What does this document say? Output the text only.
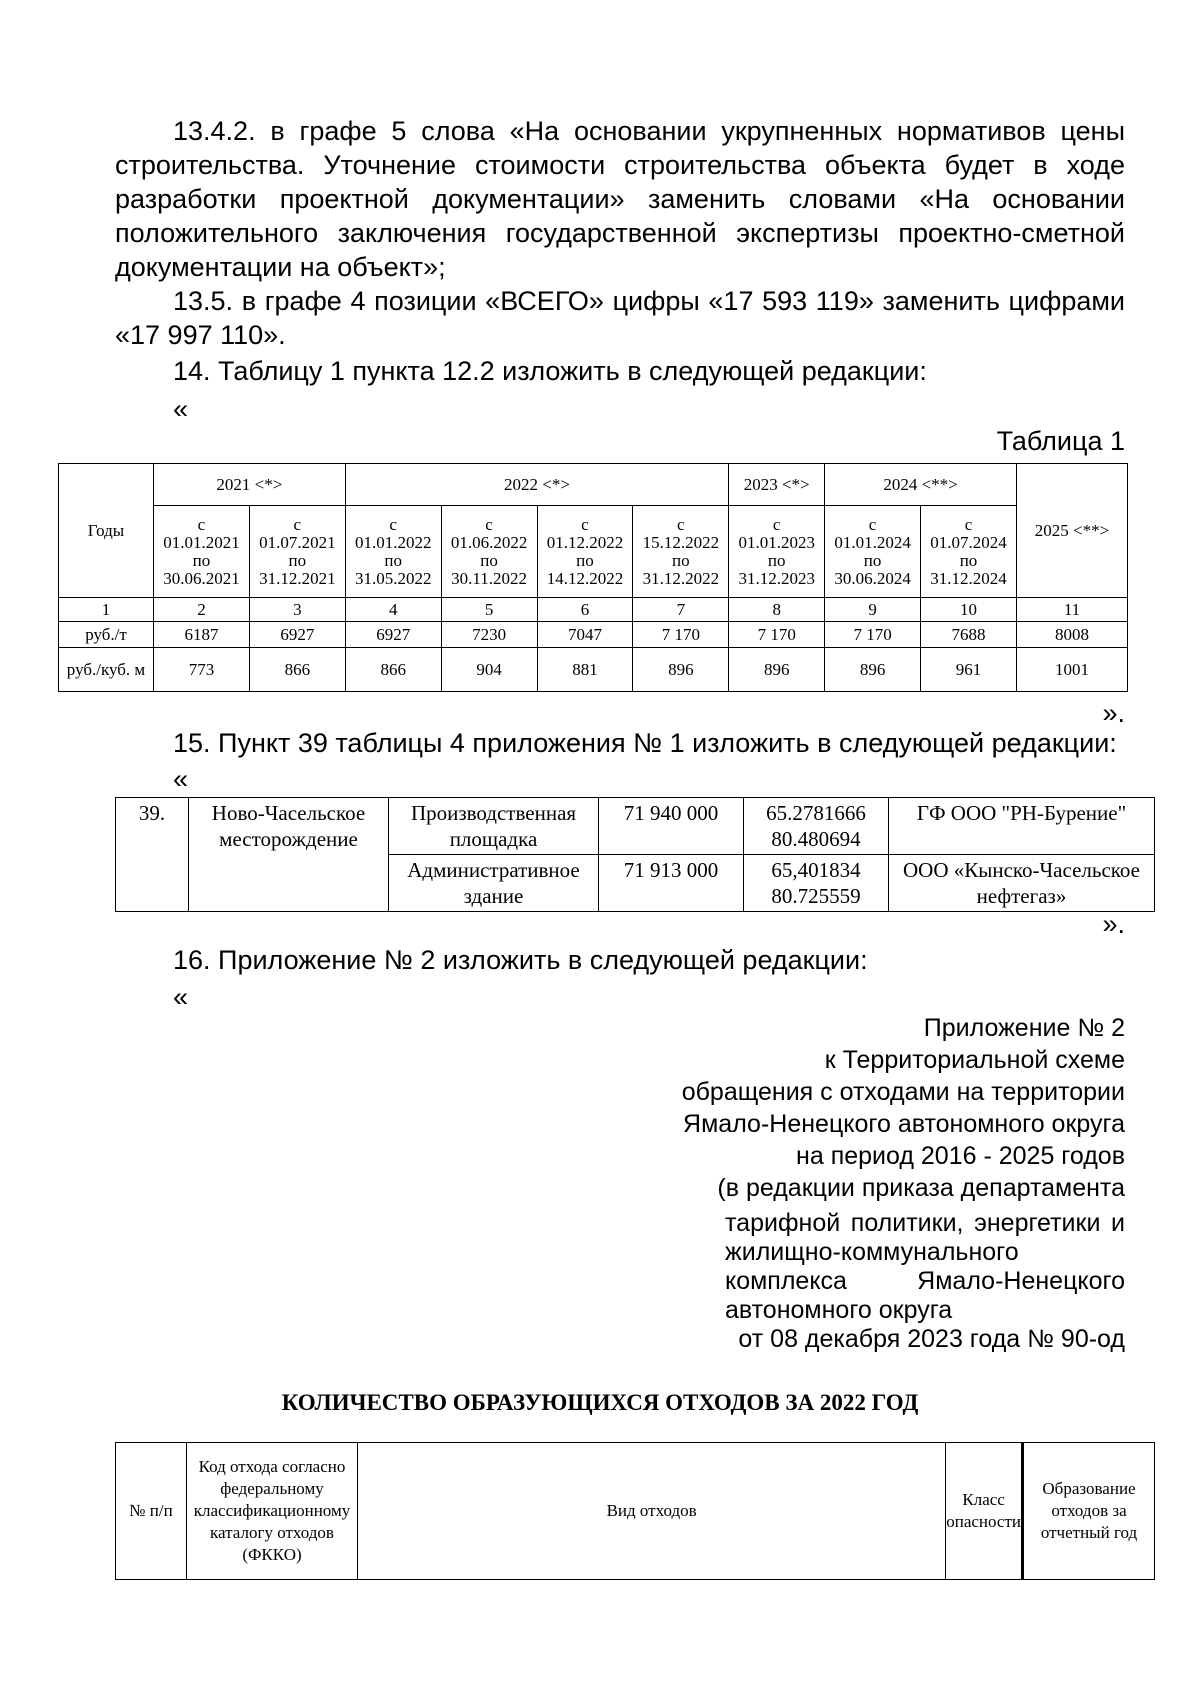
13.4.2. в графе 5 слова «На основании укрупненных нормативов цены строительства. Уточнение стоимости строительства объекта будет в ходе разработки проектной документации» заменить словами «На основании положительного заключения государственной экспертизы проектно-сметной документации на объект»;

13.5. в графе 4 позиции «ВСЕГО» цифры «17 593 119» заменить цифрами «17 997 110».

14. Таблицу 1 пункта 12.2 изложить в следующей редакции:

«

Таблица 1

Годы	2021 <*>		2022 <*>				2023 <*>	2024 <**>		2025 <**>
	с
01.01.2021
по
30.06.2021	с
01.07.2021
по
31.12.2021	с
01.01.2022
по
31.05.2022	с
01.06.2022
по
30.11.2022	с
01.12.2022
по
14.12.2022	с
15.12.2022
по
31.12.2022	с
01.01.2023
по
31.12.2023	с
01.01.2024
по
30.06.2024	с
01.07.2024
по
31.12.2024	
1	2	3	4	5	6	7	8	9	10	11
руб./т	6187	6927	6927	7230	7047	7 170	7 170	7 170	7688	8008
руб./куб. м	773	866	866	904	881	896	896	896	961	1001

».

15. Пункт 39 таблицы 4 приложения № 1 изложить в следующей редакции:

«

39.	Ново-Часельское месторождение	Производственная площадка	71 940 000	65.2781666
80.480694	ГФ ООО "РН-Бурение"
		Административное здание	71 913 000	65,401834
80.725559	ООО «Кынско-Часельское нефтегаз»

».

16. Приложение № 2 изложить в следующей редакции:

«

Приложение № 2
к Территориальной схеме
обращения с отходами на территории
Ямало-Ненецкого автономного округа
на период 2016 - 2025 годов
(в редакции приказа департамента
тарифной политики, энергетики и жилищно-коммунального комплекса Ямало-Ненецкого автономного округа
от 08 декабря 2023 года № 90-од
КОЛИЧЕСТВО ОБРАЗУЮЩИХСЯ ОТХОДОВ ЗА 2022 ГОД
№ п/п	Код отхода согласно федеральному классификационному каталогу отходов (ФККО)	Вид отходов	Класс опасности	Образование отходов за отчетный год
